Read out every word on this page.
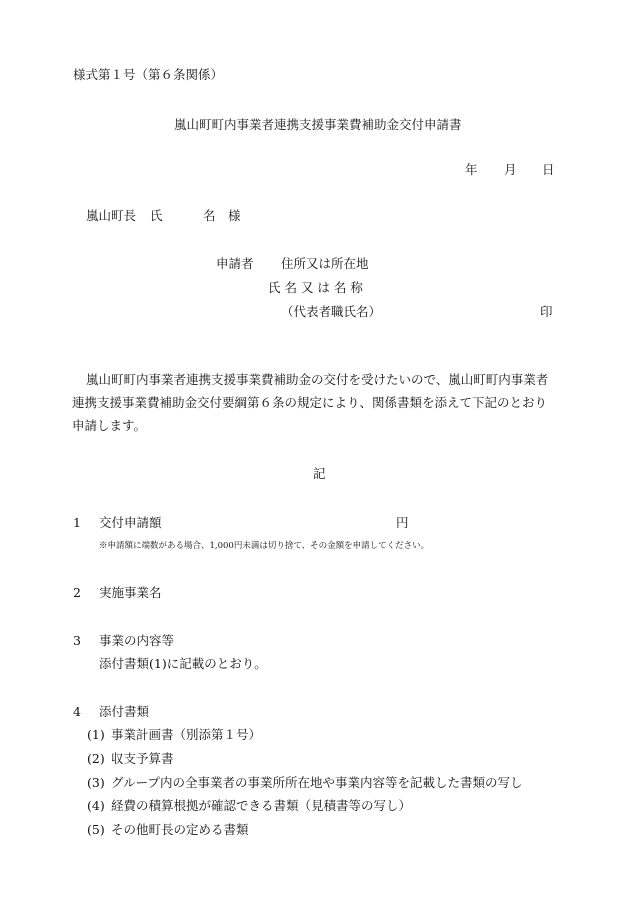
様式第１号（第６条関係）
嵐山町町内事業者連携支援事業費補助金交付申請書
年 月 日
嵐山町長 氏	名　様
申請者 住所又は所在地
氏 名 又 は 名 称
（代表者職氏名）	印
嵐山町町内事業者連携支援事業費補助金の交付を受けたいので、嵐山町町内事業者
連携支援事業費補助金交付要綱第６条の規定により、関係書類を添えて下記のとおり
申請します。
記
1 交付申請額	円
※申請額に端数がある場合、1,000円未満は切り捨て、その金額を申請してください。
2 実施事業名
3 事業の内容等
添付書類(1)に記載のとおり。
4 添付書類
(1) 事業計画書（別添第１号）
(2) 収支予算書
(3) グループ内の全事業者の事業所所在地や事業内容等を記載した書類の写し
(4) 経費の積算根拠が確認できる書類（見積書等の写し）
(5) その他町長の定める書類
